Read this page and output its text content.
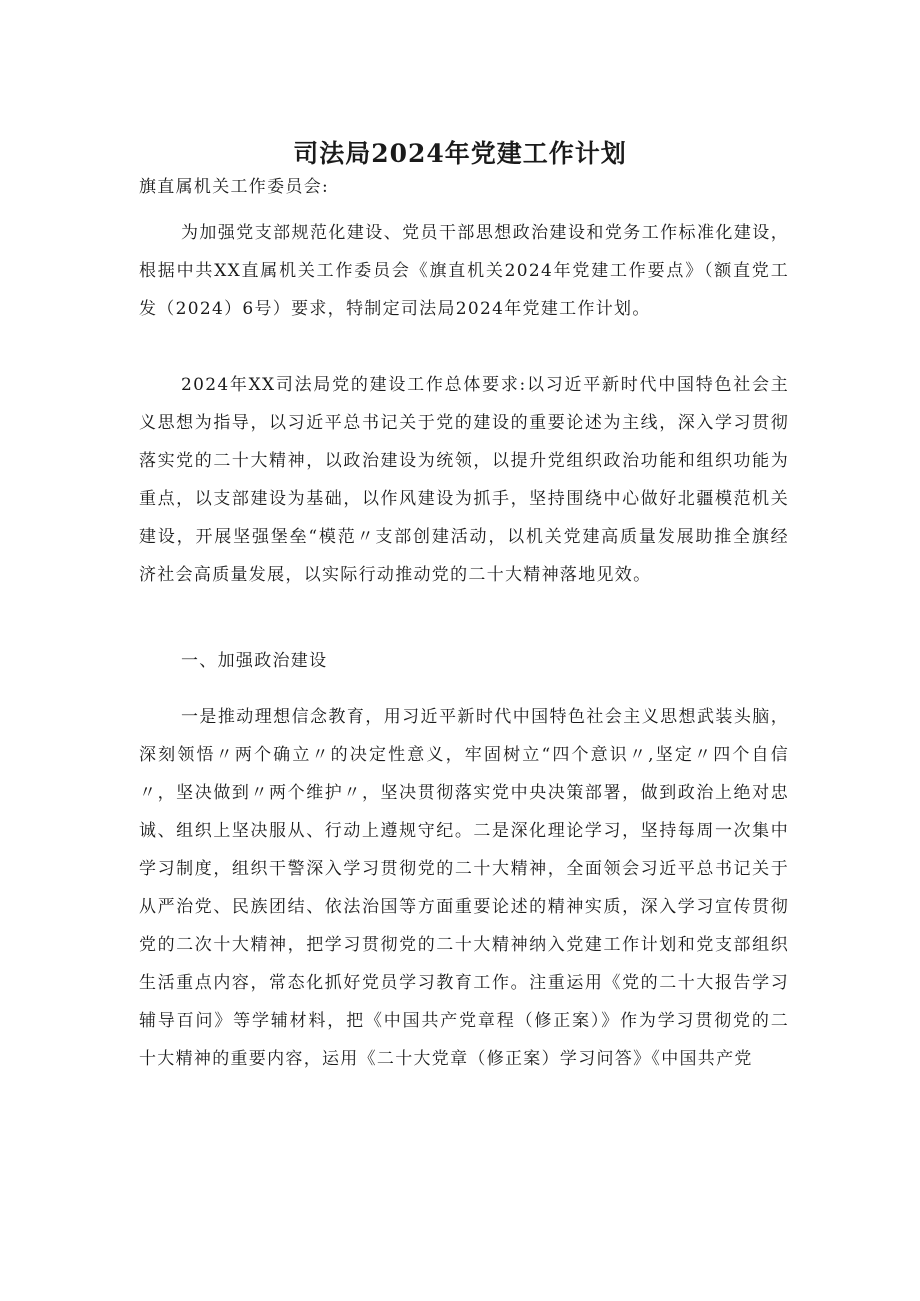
司法局2024年党建工作计划

旗直属机关工作委员会:

为加强党支部规范化建设、党员干部思想政治建设和党务工作标准化建设，根据中共XX直属机关工作委员会《旗直机关2024年党建工作要点》（额直党工发（2024）6号）要求，特制定司法局2024年党建工作计划。

2024年XX司法局党的建设工作总体要求:以习近平新时代中国特色社会主义思想为指导，以习近平总书记关于党的建设的重要论述为主线，深入学习贯彻落实党的二十大精神，以政治建设为统领，以提升党组织政治功能和组织功能为重点，以支部建设为基础，以作风建设为抓手，坚持围绕中心做好北疆模范机关建设，开展坚强堡垒“模范〃支部创建活动，以机关党建高质量发展助推全旗经济社会高质量发展，以实际行动推动党的二十大精神落地见效。

一、加强政治建设

一是推动理想信念教育，用习近平新时代中国特色社会主义思想武装头脑，深刻领悟〃两个确立〃的决定性意义，牢固树立“四个意识〃,坚定〃四个自信〃，坚决做到〃两个维护〃，坚决贯彻落实党中央决策部署，做到政治上绝对忠诚、组织上坚决服从、行动上遵规守纪。二是深化理论学习，坚持每周一次集中学习制度，组织干警深入学习贯彻党的二十大精神，全面领会习近平总书记关于从严治党、民族团结、依法治国等方面重要论述的精神实质，深入学习宣传贯彻党的二次十大精神，把学习贯彻党的二十大精神纳入党建工作计划和党支部组织生活重点内容，常态化抓好党员学习教育工作。注重运用《党的二十大报告学习辅导百问》等学辅材料，把《中国共产党章程（修正案）》作为学习贯彻党的二十大精神的重要内容，运用《二十大党章（修正案）学习问答》《中国共产党
